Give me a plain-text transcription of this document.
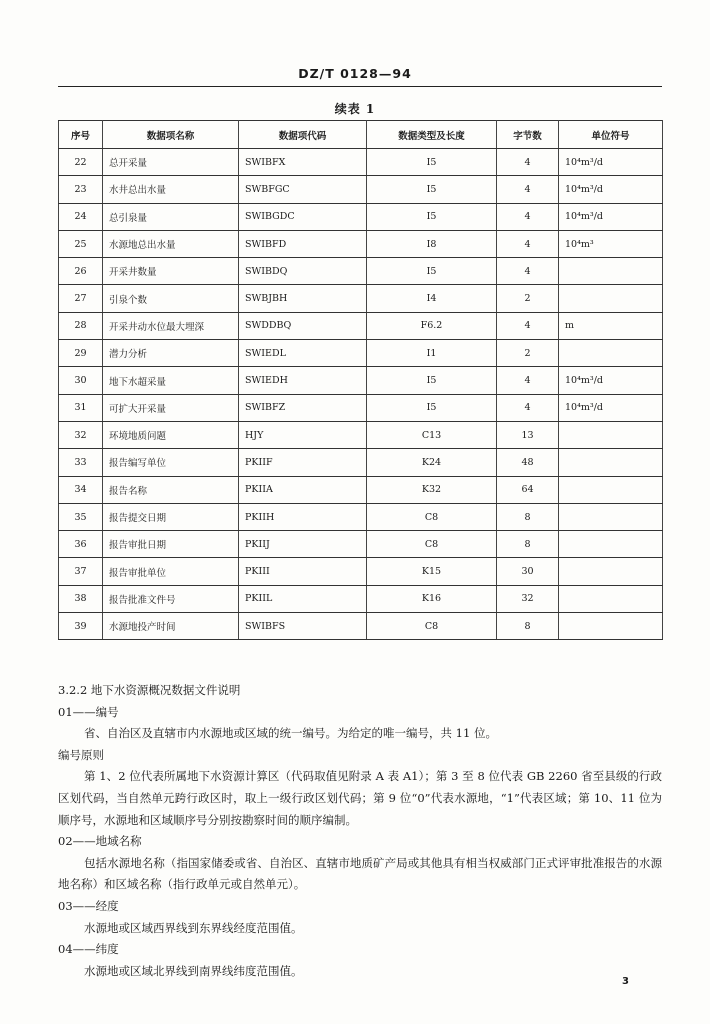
DZ/T 0128—94
续表 1
序号	数据项名称	数据项代码	数据类型及长度	字节数	单位符号
22	总开采量	SWIBFX	I5	4	10⁴m³/d
23	水井总出水量	SWBFGC	I5	4	10⁴m³/d
24	总引泉量	SWIBGDC	I5	4	10⁴m³/d
25	水源地总出水量	SWIBFD	I8	4	10⁴m³
26	开采井数量	SWIBDQ	I5	4	
27	引泉个数	SWBJBH	I4	2	
28	开采井动水位最大埋深	SWDDBQ	F6.2	4	m
29	潜力分析	SWIEDL	I1	2	
30	地下水超采量	SWIEDH	I5	4	10⁴m³/d
31	可扩大开采量	SWIBFZ	I5	4	10⁴m³/d
32	环境地质问题	HJY	C13	13	
33	报告编写单位	PKIIF	K24	48	
34	报告名称	PKIIA	K32	64	
35	报告提交日期	PKIIH	C8	8	
36	报告审批日期	PKIIJ	C8	8	
37	报告审批单位	PKIII	K15	30	
38	报告批准文件号	PKIIL	K16	32	
39	水源地投产时间	SWIBFS	C8	8	

3.2.2 地下水资源概况数据文件说明

01——编号

省、自治区及直辖市内水源地或区域的统一编号。为给定的唯一编号，共 11 位。

编号原则

第 1、2 位代表所属地下水资源计算区（代码取值见附录 A 表 A1）；第 3 至 8 位代表 GB 2260 省至县级的行政区划代码，当自然单元跨行政区时，取上一级行政区划代码；第 9 位“0”代表水源地，“1”代表区域；第 10、11 位为顺序号，水源地和区域顺序号分别按勘察时间的顺序编制。

02——地域名称

包括水源地名称（指国家储委或省、自治区、直辖市地质矿产局或其他具有相当权威部门正式评审批准报告的水源地名称）和区域名称（指行政单元或自然单元）。

03——经度

水源地或区域西界线到东界线经度范围值。

04——纬度

水源地或区域北界线到南界线纬度范围值。

3
